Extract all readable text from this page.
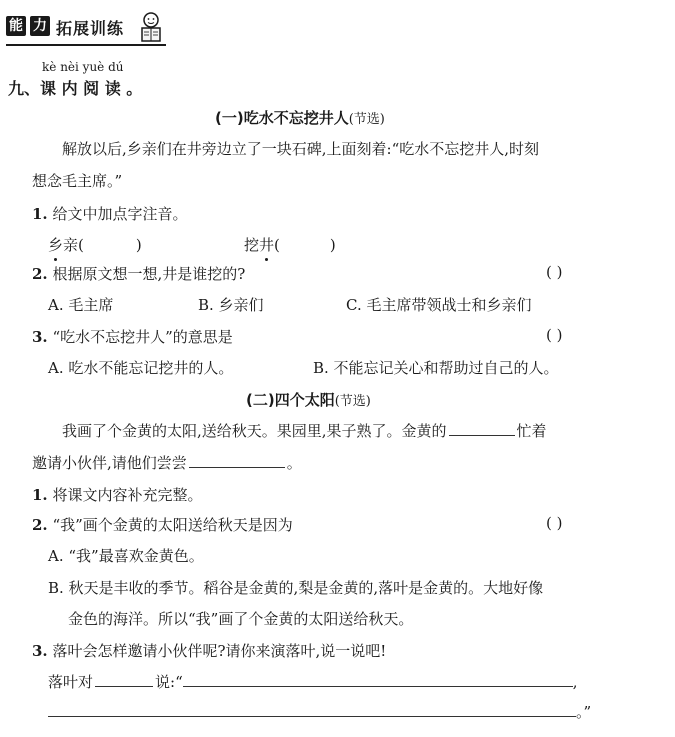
能 力 拓展训练
kè nèi yuè dú
九、课 内 阅 读 。
(一)吃水不忘挖井人(节选)
解放以后,乡亲们在井旁边立了一块石碑,上面刻着:“吃水不忘挖井人,时刻
想念毛主席。”
1. 给文中加点字注音。
乡亲(	)	挖井(	)
2. 根据原文想一想,井是谁挖的?	( )
A. 毛主席	B. 乡亲们	C. 毛主席带领战士和乡亲们
3. “吃水不忘挖井人”的意思是	( )
A. 吃水不能忘记挖井的人。	B. 不能忘记关心和帮助过自己的人。
(二)四个太阳(节选)
我画了个金黄的太阳,送给秋天。果园里,果子熟了。金黄的	忙着
邀请小伙伴,请他们尝尝	。
1. 将课文内容补充完整。
2. “我”画个金黄的太阳送给秋天是因为	( )
A. “我”最喜欢金黄色。
B. 秋天是丰收的季节。稻谷是金黄的,梨是金黄的,落叶是金黄的。大地好像
金色的海洋。所以“我”画了个金黄的太阳送给秋天。
3. 落叶会怎样邀请小伙伴呢?请你来演落叶,说一说吧!
落叶对	说:“	,
。”
